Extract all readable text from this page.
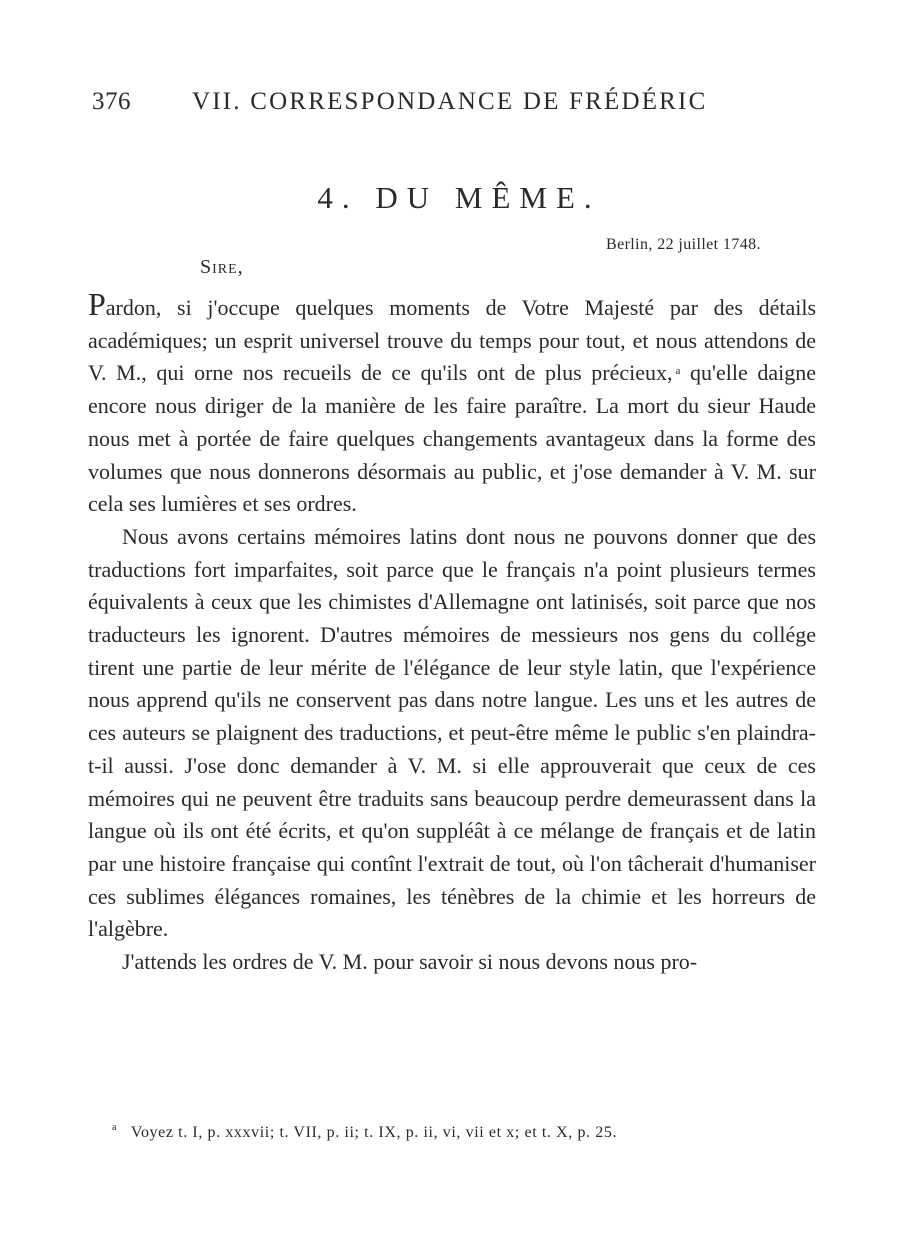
376 VII. CORRESPONDANCE DE FRÉDÉRIC
4. DU MÊME.
Berlin, 22 juillet 1748.
Sire,

Pardon, si j'occupe quelques moments de Votre Majesté par des détails académiques; un esprit universel trouve du temps pour tout, et nous attendons de V. M., qui orne nos recueils de ce qu'ils ont de plus précieux, $^a$ qu'elle daigne encore nous diriger de la manière de les faire paraître. La mort du sieur Haude nous met à portée de faire quelques changements avantageux dans la forme des volumes que nous donnerons désormais au public, et j'ose demander à V. M. sur cela ses lumières et ses ordres.

Nous avons certains mémoires latins dont nous ne pouvons donner que des traductions fort imparfaites, soit parce que le français n'a point plusieurs termes équivalents à ceux que les chimistes d'Allemagne ont latinisés, soit parce que nos traducteurs les ignorent. D'autres mémoires de messieurs nos gens du collége tirent une partie de leur mérite de l'élégance de leur style latin, que l'expérience nous apprend qu'ils ne conservent pas dans notre langue. Les uns et les autres de ces auteurs se plaignent des traductions, et peut-être même le public s'en plaindra-t-il aussi. J'ose donc demander à V. M. si elle approuverait que ceux de ces mémoires qui ne peuvent être traduits sans beaucoup perdre demeurassent dans la langue où ils ont été écrits, et qu'on suppléât à ce mélange de français et de latin par une histoire française qui contînt l'extrait de tout, où l'on tâcherait d'humaniser ces sublimes élégances romaines, les ténèbres de la chimie et les horreurs de l'algèbre.

J'attends les ordres de V. M. pour savoir si nous devons nous pro-

$^a$ Voyez t. I, p. xxxvii; t. VII, p. ii; t. IX, p. ii, vi, vii et x; et t. X, p. 25.
